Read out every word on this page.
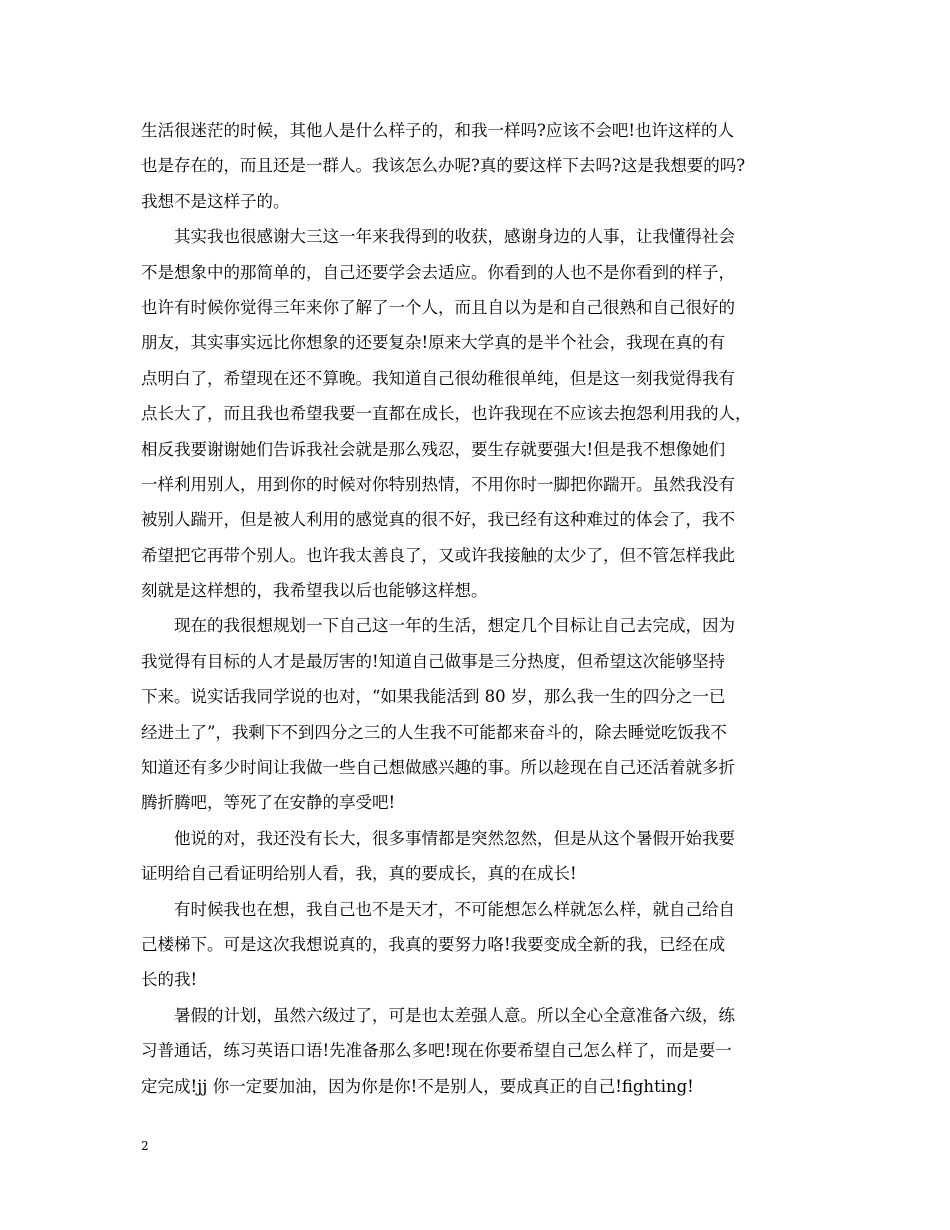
生活很迷茫的时候，其他人是什么样子的，和我一样吗?应该不会吧!也许这样的人
也是存在的，而且还是一群人。我该怎么办呢?真的要这样下去吗?这是我想要的吗?
我想不是这样子的。
其实我也很感谢大三这一年来我得到的收获，感谢身边的人事，让我懂得社会
不是想象中的那简单的，自己还要学会去适应。你看到的人也不是你看到的样子，
也许有时候你觉得三年来你了解了一个人，而且自以为是和自己很熟和自己很好的
朋友，其实事实远比你想象的还要复杂!原来大学真的是半个社会，我现在真的有
点明白了，希望现在还不算晚。我知道自己很幼稚很单纯，但是这一刻我觉得我有
点长大了，而且我也希望我要一直都在成长，也许我现在不应该去抱怨利用我的人，
相反我要谢谢她们告诉我社会就是那么残忍，要生存就要强大!但是我不想像她们
一样利用别人，用到你的时候对你特别热情，不用你时一脚把你踹开。虽然我没有
被别人踹开，但是被人利用的感觉真的很不好，我已经有这种难过的体会了，我不
希望把它再带个别人。也许我太善良了，又或许我接触的太少了，但不管怎样我此
刻就是这样想的，我希望我以后也能够这样想。
现在的我很想规划一下自己这一年的生活，想定几个目标让自己去完成，因为
我觉得有目标的人才是最厉害的!知道自己做事是三分热度，但希望这次能够坚持
下来。说实话我同学说的也对，“如果我能活到 80 岁，那么我一生的四分之一已
经进土了”，我剩下不到四分之三的人生我不可能都来奋斗的，除去睡觉吃饭我不
知道还有多少时间让我做一些自己想做感兴趣的事。所以趁现在自己还活着就多折
腾折腾吧，等死了在安静的享受吧!
他说的对，我还没有长大，很多事情都是突然忽然，但是从这个暑假开始我要
证明给自己看证明给别人看，我，真的要成长，真的在成长!
有时候我也在想，我自己也不是天才，不可能想怎么样就怎么样，就自己给自
己楼梯下。可是这次我想说真的，我真的要努力咯!我要变成全新的我，已经在成
长的我!
暑假的计划，虽然六级过了，可是也太差强人意。所以全心全意准备六级，练
习普通话，练习英语口语!先准备那么多吧!现在你要希望自己怎么样了，而是要一
定完成!jj 你一定要加油，因为你是你!不是别人，要成真正的自己!fighting!
2
